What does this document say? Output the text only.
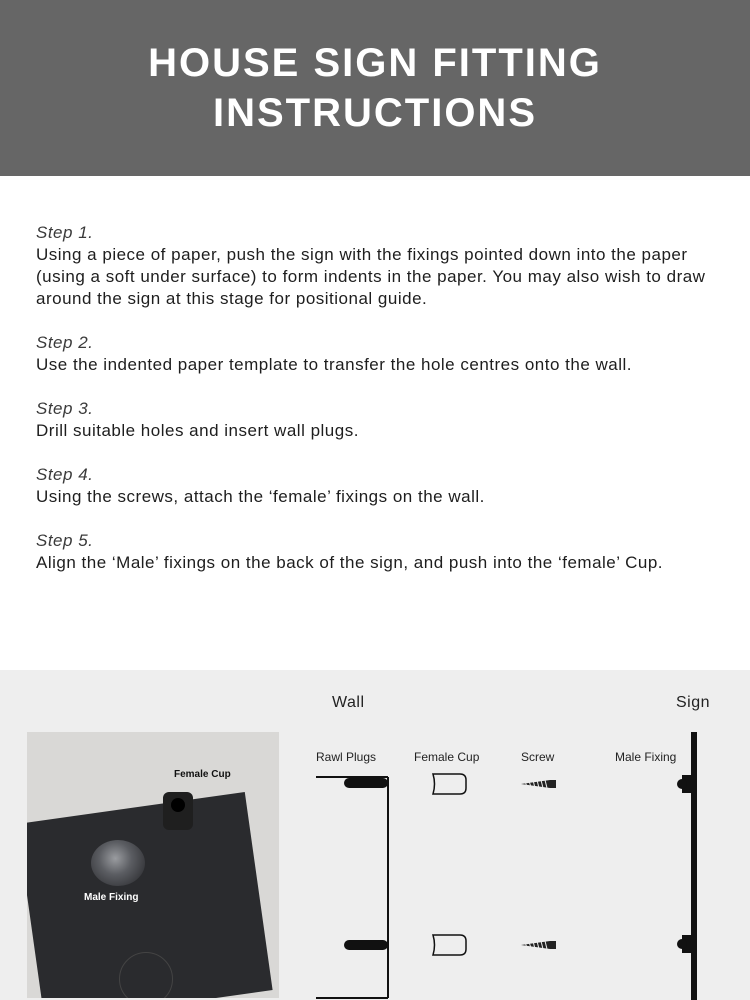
HOUSE SIGN FITTING INSTRUCTIONS
Step 1.
Using a piece of paper, push the sign with the fixings pointed down into the paper (using a soft under surface) to form indents in the paper. You may also wish to draw around the sign at this stage for positional guide.
Step 2.
Use the indented paper template to transfer the hole centres onto the wall.
Step 3.
Drill suitable holes and insert wall plugs.
Step 4.
Using the screws, attach the ‘female’ fixings on the wall.
Step 5.
Align the ‘Male’ fixings on the back of the sign, and push into the ‘female’ Cup.
Female Cup
Male Fixing
Wall	Sign
Rawl Plugs	Female Cup	Screw	Male Fixing
